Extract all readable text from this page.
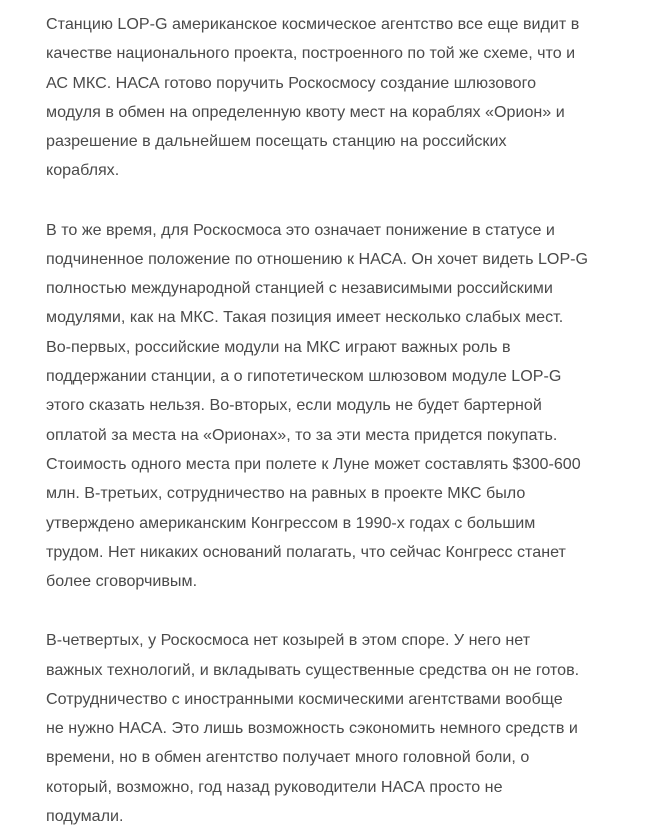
Станцию LOP-G американское космическое агентство все еще видит в
качестве национального проекта, построенного по той же схеме, что и
АС МКС. НАСА готово поручить Роскосмосу создание шлюзового
модуля в обмен на определенную квоту мест на кораблях «Орион» и
разрешение в дальнейшем посещать станцию на российских
кораблях.

В то же время, для Роскосмоса это означает понижение в статусе и
подчиненное положение по отношению к НАСА. Он хочет видеть LOP-G
полностью международной станцией с независимыми российскими
модулями, как на МКС. Такая позиция имеет несколько слабых мест.
Во-первых, российские модули на МКС играют важных роль в
поддержании станции, а о гипотетическом шлюзовом модуле LOP-G
этого сказать нельзя. Во-вторых, если модуль не будет бартерной
оплатой за места на «Орионах», то за эти места придется покупать.
Стоимость одного места при полете к Луне может составлять $300-600
млн. В-третьих, сотрудничество на равных в проекте МКС было
утверждено американским Конгрессом в 1990-х годах с большим
трудом. Нет никаких оснований полагать, что сейчас Конгресс станет
более сговорчивым.

В-четвертых, у Роскосмоса нет козырей в этом споре. У него нет
важных технологий, и вкладывать существенные средства он не готов.
Сотрудничество с иностранными космическими агентствами вообще
не нужно НАСА. Это лишь возможность сэкономить немного средств и
времени, но в обмен агентство получает много головной боли, о
который, возможно, год назад руководители НАСА просто не
подумали.
